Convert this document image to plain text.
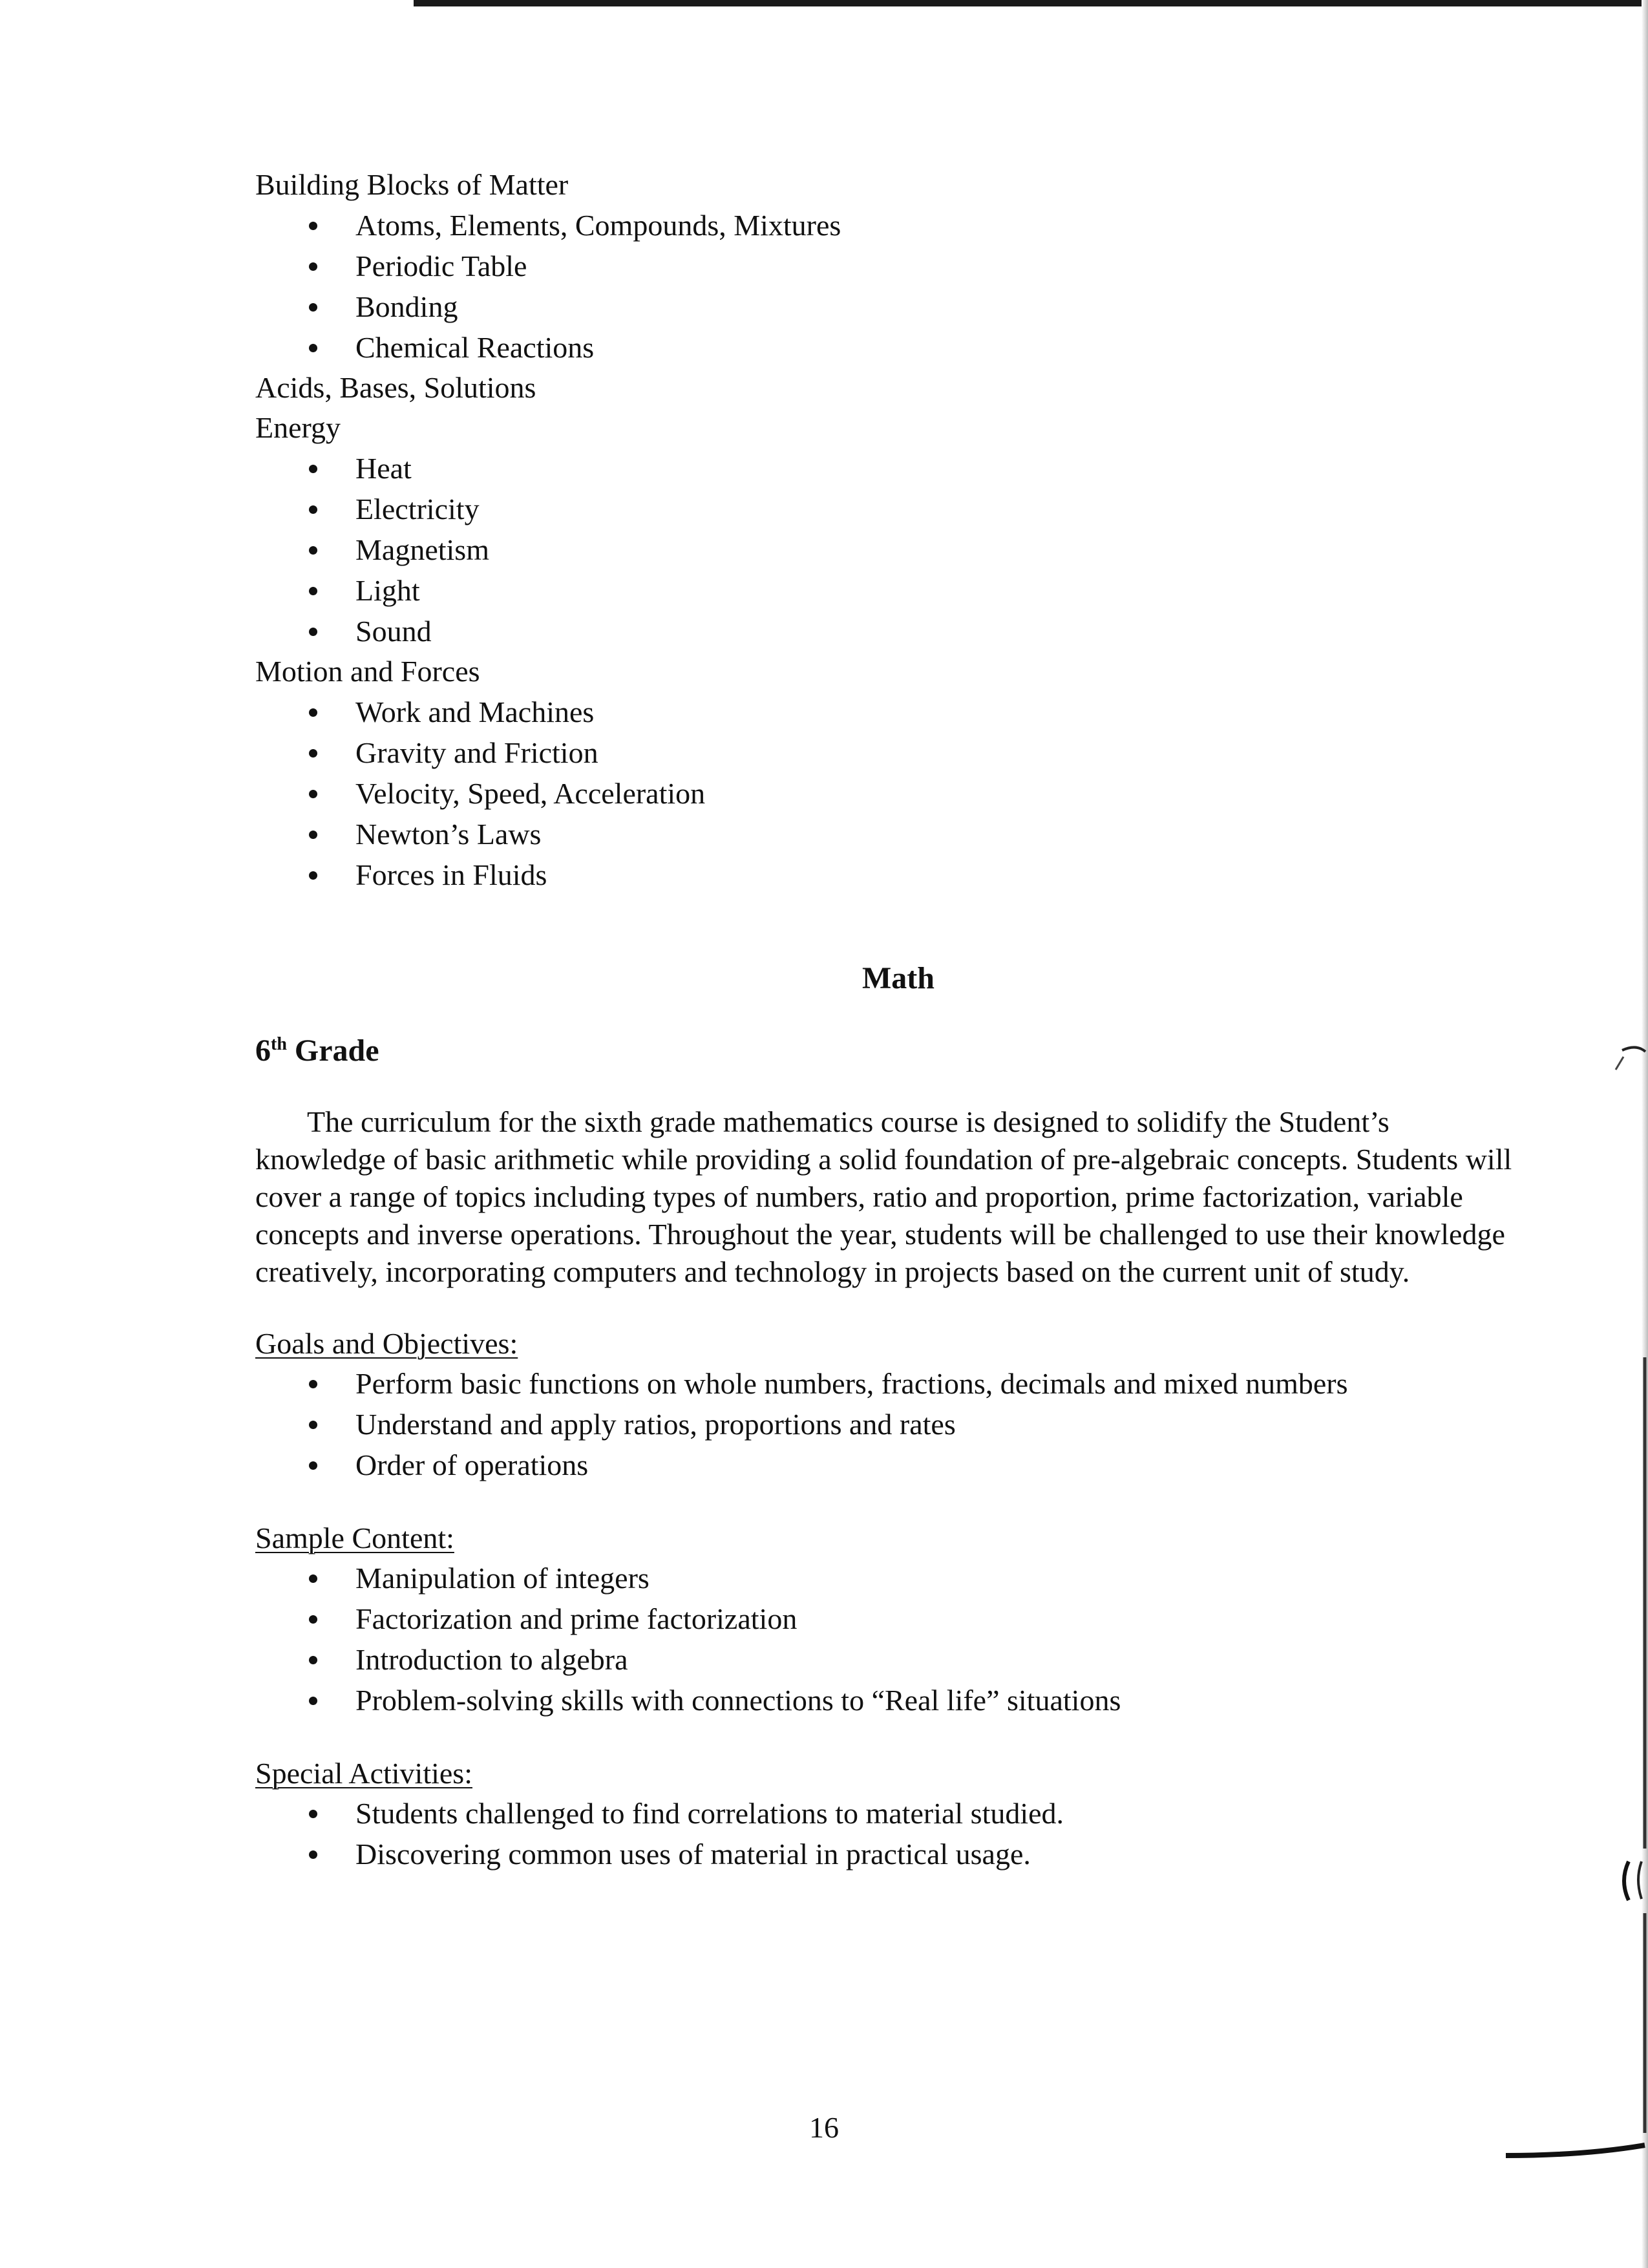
Building Blocks of Matter

Atoms, Elements, Compounds, Mixtures
Periodic Table
Bonding
Chemical Reactions

Acids, Bases, Solutions

Energy

Heat
Electricity
Magnetism
Light
Sound

Motion and Forces

Work and Machines
Gravity and Friction
Velocity, Speed, Acceleration
Newton’s Laws
Forces in Fluids

Math

6th Grade

The curriculum for the sixth grade mathematics course is designed to solidify the Student’s knowledge of basic arithmetic while providing a solid foundation of pre-algebraic concepts. Students will cover a range of topics including types of numbers, ratio and proportion, prime factorization, variable concepts and inverse operations. Throughout the year, students will be challenged to use their knowledge creatively, incorporating computers and technology in projects based on the current unit of study.

Goals and Objectives:

Perform basic functions on whole numbers, fractions, decimals and mixed numbers
Understand and apply ratios, proportions and rates
Order of operations

Sample Content:

Manipulation of integers
Factorization and prime factorization
Introduction to algebra
Problem-solving skills with connections to “Real life” situations

Special Activities:

Students challenged to find correlations to material studied.
Discovering common uses of material in practical usage.
16
